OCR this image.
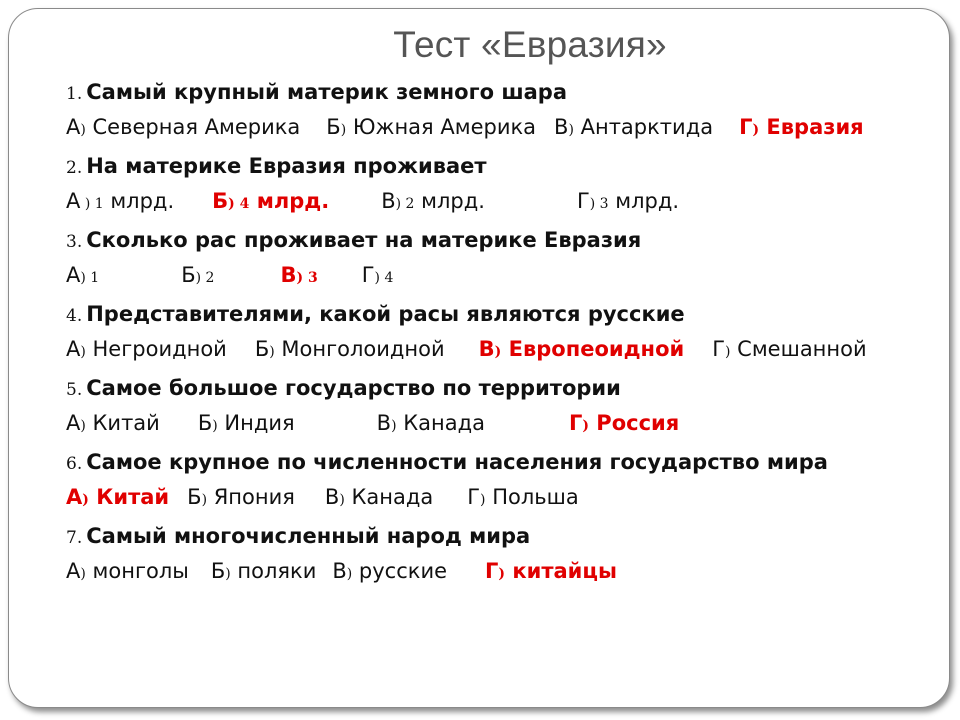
Тест «Евразия»

1. Самый крупный материк земного шара

А) Северная Америка Б) Южная Америка В) Антарктида Г) Евразия

2. На материке Евразия проживает

А ) 1 млрд. Б) 4 млрд. В) 2 млрд.	Г) 3 млрд.

3. Сколько рас проживает на материке Евразия

А) 1	Б) 2	В) 3 Г) 4

4. Представителями, какой расы являются русские

А) Негроидной Б) Монголоидной В) Европеоидной Г) Смешанной

5. Самое большое государство по территории

А) Китай Б) Индия	В) Канада	Г) Россия

6. Самое крупное по численности населения государство мира

А) Китай Б) Япония В) Канада Г) Польша

7. Самый многочисленный народ мира

А) монголы Б) поляки В) русские Г) китайцы
